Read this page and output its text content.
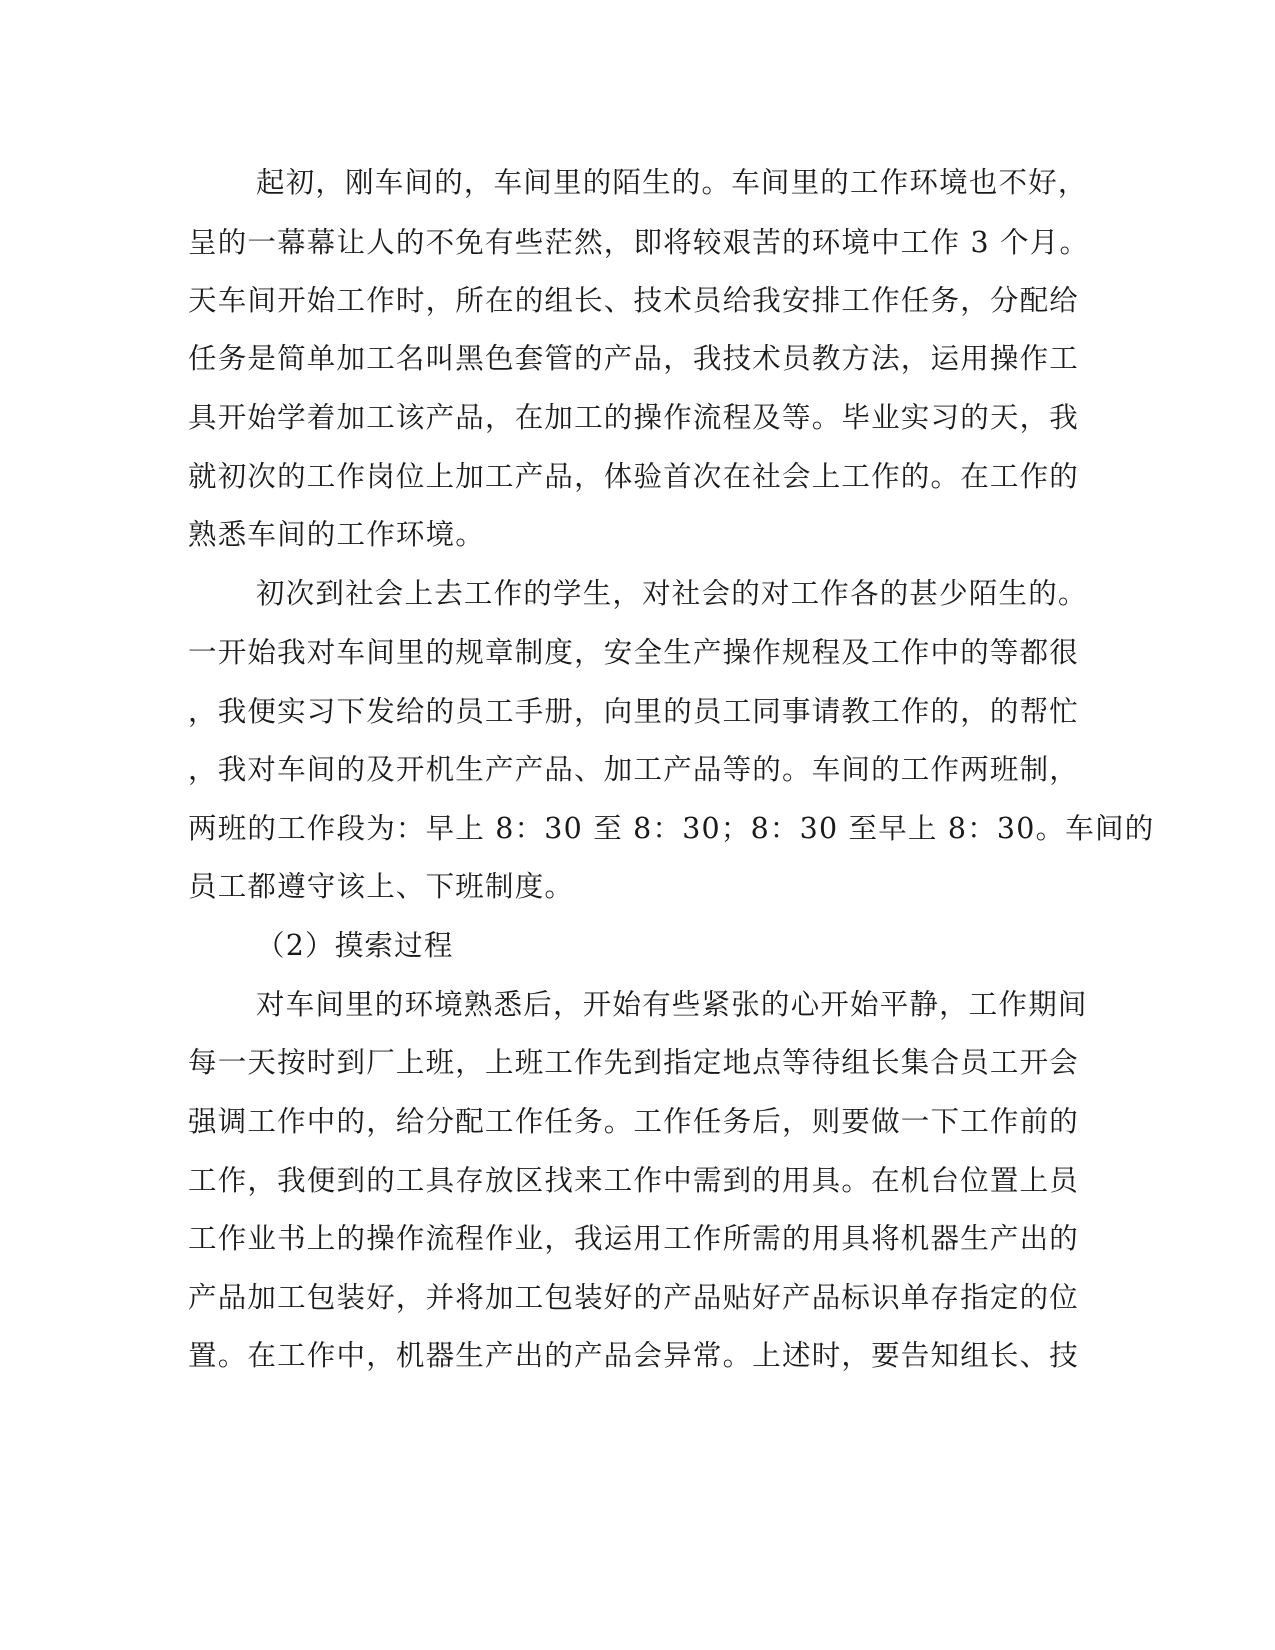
起初，刚车间的，车间里的陌生的。车间里的工作环境也不好，
呈的一幕幕让人的不免有些茫然，即将较艰苦的环境中工作 3 个月。
天车间开始工作时，所在的组长、技术员给我安排工作任务，分配给
任务是简单加工名叫黑色套管的产品，我技术员教方法，运用操作工
具开始学着加工该产品，在加工的操作流程及等。毕业实习的天，我
就初次的工作岗位上加工产品，体验首次在社会上工作的。在工作的
熟悉车间的工作环境。
初次到社会上去工作的学生，对社会的对工作各的甚少陌生的。
一开始我对车间里的规章制度，安全生产操作规程及工作中的等都很
，我便实习下发给的员工手册，向里的员工同事请教工作的，的帮忙
，我对车间的及开机生产产品、加工产品等的。车间的工作两班制，
两班的工作段为：早上 8：30 至 8：30；8：30 至早上 8：30。车间的
员工都遵守该上、下班制度。
（2）摸索过程
对车间里的环境熟悉后，开始有些紧张的心开始平静，工作期间
每一天按时到厂上班，上班工作先到指定地点等待组长集合员工开会
强调工作中的，给分配工作任务。工作任务后，则要做一下工作前的
工作，我便到的工具存放区找来工作中需到的用具。在机台位置上员
工作业书上的操作流程作业，我运用工作所需的用具将机器生产出的
产品加工包装好，并将加工包装好的产品贴好产品标识单存指定的位
置。在工作中，机器生产出的产品会异常。上述时，要告知组长、技
